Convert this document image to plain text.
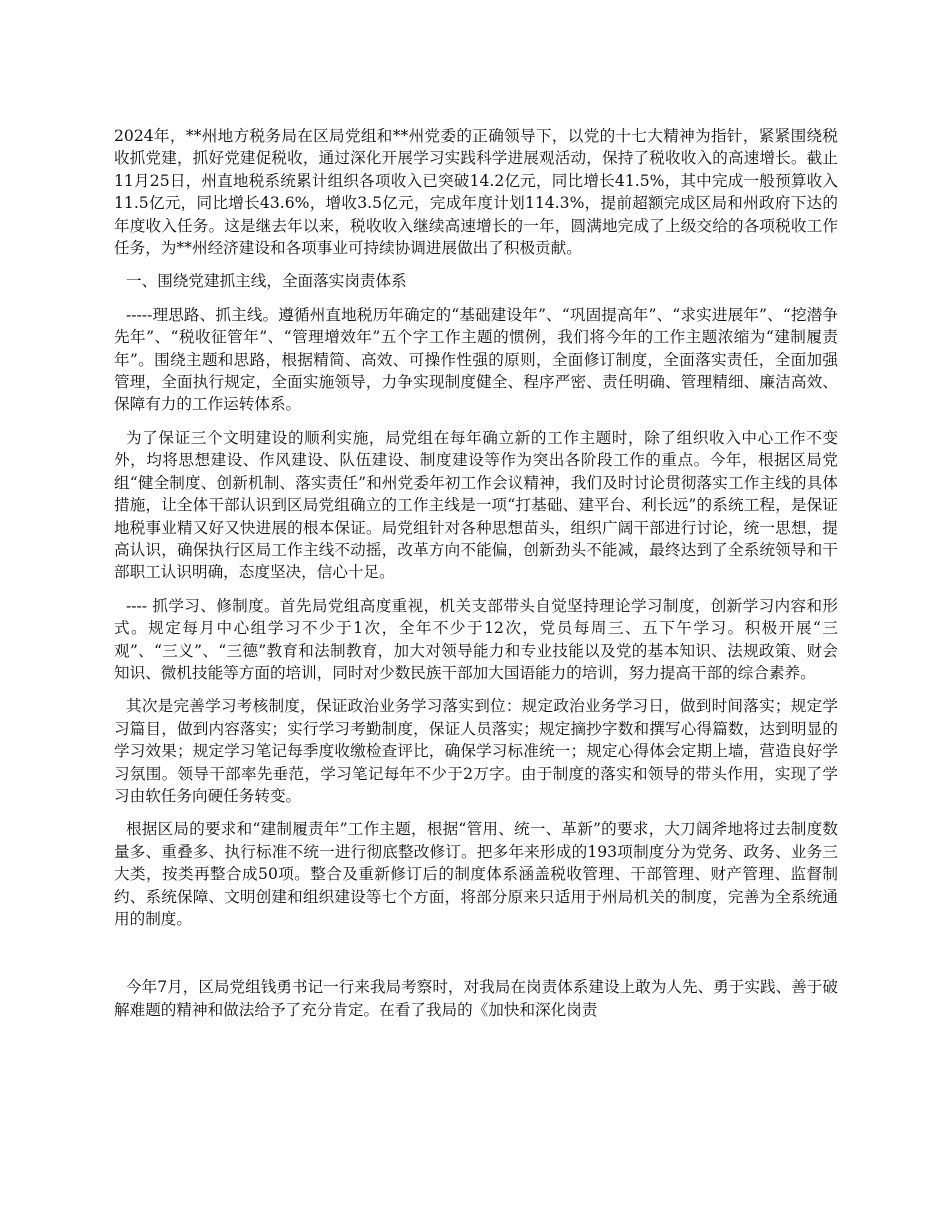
2024年，**州地方税务局在区局党组和**州党委的正确领导下，以党的十七大精神为指针，紧紧围绕税收抓党建，抓好党建促税收，通过深化开展学习实践科学进展观活动，保持了税收收入的高速增长。截止11月25日，州直地税系统累计组织各项收入已突破14.2亿元，同比增长41.5%，其中完成一般预算收入11.5亿元，同比增长43.6%，增收3.5亿元，完成年度计划114.3%，提前超额完成区局和州政府下达的年度收入任务。这是继去年以来，税收收入继续高速增长的一年，圆满地完成了上级交给的各项税收工作任务，为**州经济建设和各项事业可持续协调进展做出了积极贡献。

一、围绕党建抓主线，全面落实岗责体系

-----理思路、抓主线。遵循州直地税历年确定的“基础建设年”、“巩固提高年”、“求实进展年”、“挖潜争先年”、“税收征管年”、“管理增效年”五个字工作主题的惯例，我们将今年的工作主题浓缩为“建制履责年”。围绕主题和思路，根据精简、高效、可操作性强的原则，全面修订制度，全面落实责任，全面加强管理，全面执行规定，全面实施领导，力争实现制度健全、程序严密、责任明确、管理精细、廉洁高效、保障有力的工作运转体系。

为了保证三个文明建设的顺利实施，局党组在每年确立新的工作主题时，除了组织收入中心工作不变外，均将思想建设、作风建设、队伍建设、制度建设等作为突出各阶段工作的重点。今年，根据区局党组“健全制度、创新机制、落实责任”和州党委年初工作会议精神，我们及时讨论贯彻落实工作主线的具体措施，让全体干部认识到区局党组确立的工作主线是一项“打基础、建平台、利长远”的系统工程，是保证地税事业精又好又快进展的根本保证。局党组针对各种思想苗头，组织广阔干部进行讨论，统一思想，提高认识，确保执行区局工作主线不动摇，改革方向不能偏，创新劲头不能减，最终达到了全系统领导和干部职工认识明确，态度坚决，信心十足。

---- 抓学习、修制度。首先局党组高度重视，机关支部带头自觉坚持理论学习制度，创新学习内容和形式。规定每月中心组学习不少于1次，全年不少于12次，党员每周三、五下午学习。积极开展“三观”、“三义”、“三德”教育和法制教育，加大对领导能力和专业技能以及党的基本知识、法规政策、财会知识、微机技能等方面的培训，同时对少数民族干部加大国语能力的培训，努力提高干部的综合素养。

其次是完善学习考核制度，保证政治业务学习落实到位：规定政治业务学习日，做到时间落实；规定学习篇目，做到内容落实；实行学习考勤制度，保证人员落实；规定摘抄字数和撰写心得篇数，达到明显的学习效果；规定学习笔记每季度收缴检查评比，确保学习标准统一；规定心得体会定期上墙，营造良好学习氛围。领导干部率先垂范，学习笔记每年不少于2万字。由于制度的落实和领导的带头作用，实现了学习由软任务向硬任务转变。

根据区局的要求和“建制履责年”工作主题，根据“管用、统一、革新”的要求，大刀阔斧地将过去制度数量多、重叠多、执行标准不统一进行彻底整改修订。把多年来形成的193项制度分为党务、政务、业务三大类，按类再整合成50项。整合及重新修订后的制度体系涵盖税收管理、干部管理、财产管理、监督制约、系统保障、文明创建和组织建设等七个方面，将部分原来只适用于州局机关的制度，完善为全系统通用的制度。

今年7月，区局党组钱勇书记一行来我局考察时，对我局在岗责体系建设上敢为人先、勇于实践、善于破解难题的精神和做法给予了充分肯定。在看了我局的《加快和深化岗责
